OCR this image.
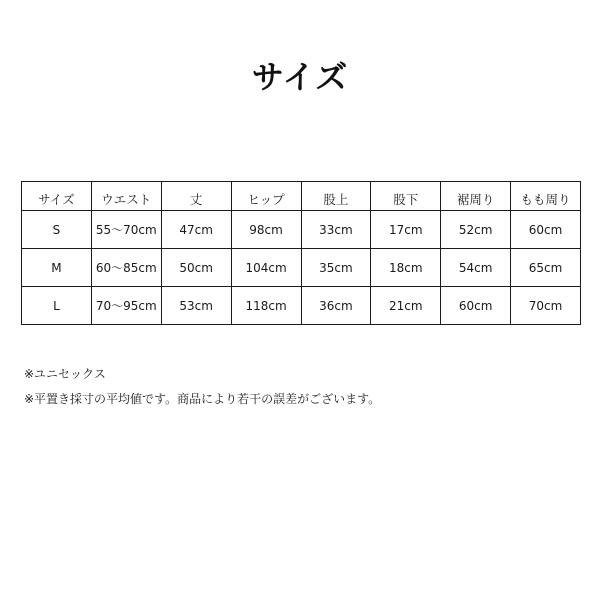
サイズ
サイズ	ウエスト	丈	ヒップ	股上	股下	裾周り	もも周り
S	55〜70cm	47cm	98cm	33cm	17cm	52cm	60cm
M	60〜85cm	50cm	104cm	35cm	18cm	54cm	65cm
L	70〜95cm	53cm	118cm	36cm	21cm	60cm	70cm
※ユニセックス
※平置き採寸の平均値です。商品により若干の誤差がございます。
